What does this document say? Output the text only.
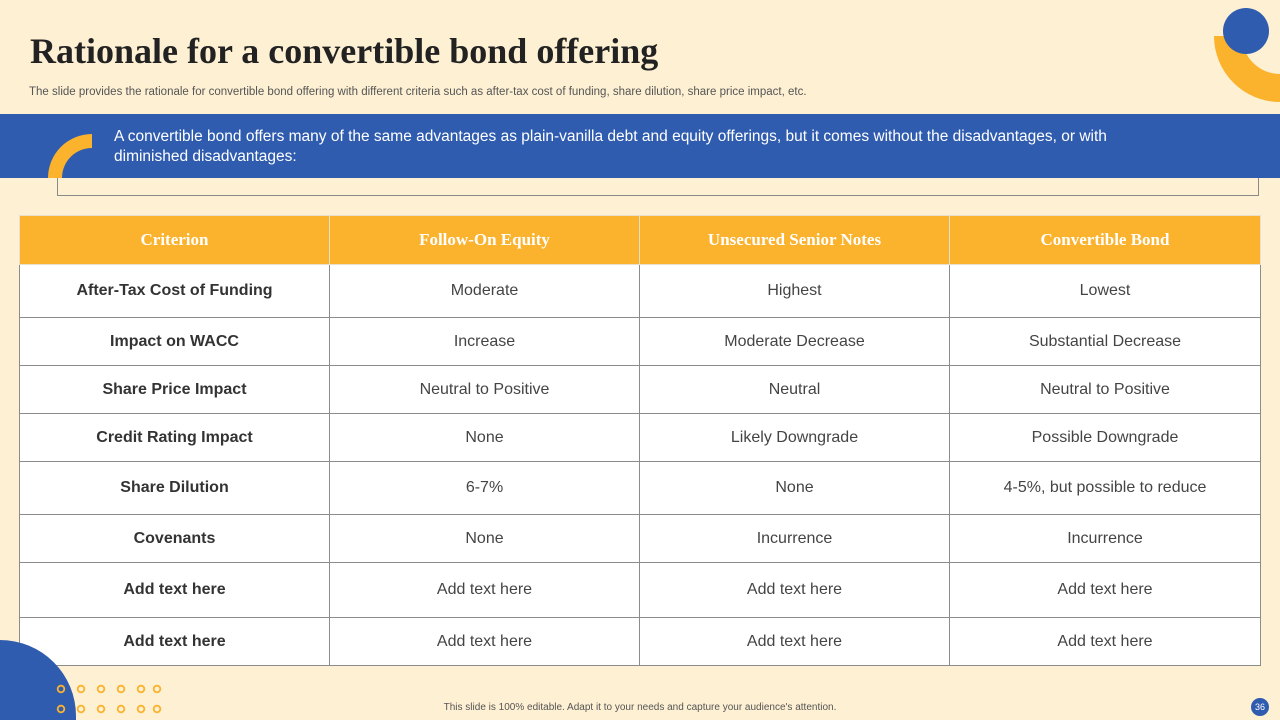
Rationale for a convertible bond offering
The slide provides the rationale for convertible bond offering with different criteria such as after-tax cost of funding, share dilution, share price impact, etc.
A convertible bond offers many of the same advantages as plain-vanilla debt and equity offerings, but it comes without the disadvantages, or with diminished disadvantages:
Criterion	Follow-On Equity	Unsecured Senior Notes	Convertible Bond
After-Tax Cost of Funding	Moderate	Highest	Lowest
Impact on WACC	Increase	Moderate Decrease	Substantial Decrease
Share Price Impact	Neutral to Positive	Neutral	Neutral to Positive
Credit Rating Impact	None	Likely Downgrade	Possible Downgrade
Share Dilution	6-7%	None	4-5%, but possible to reduce
Covenants	None	Incurrence	Incurrence
Add text here	Add text here	Add text here	Add text here
Add text here	Add text here	Add text here	Add text here
This slide is 100% editable. Adapt it to your needs and capture your audience's attention.	36
